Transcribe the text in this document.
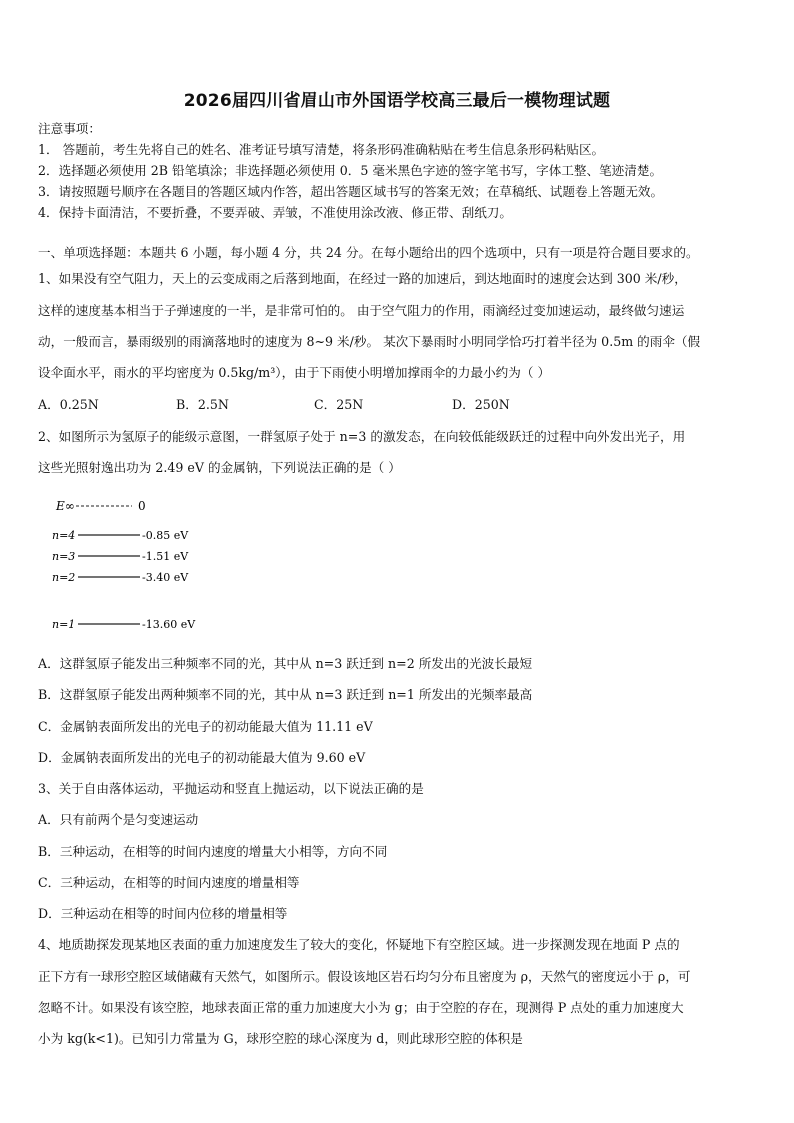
2026届四川省眉山市外国语学校高三最后一模物理试题
注意事项：
1． 答题前，考生先将自己的姓名、准考证号填写清楚，将条形码准确粘贴在考生信息条形码粘贴区。
2．选择题必须使用 2B 铅笔填涂；非选择题必须使用 0．5 毫米黑色字迹的签字笔书写，字体工整、笔迹清楚。
3．请按照题号顺序在各题目的答题区域内作答，超出答题区域书写的答案无效；在草稿纸、试题卷上答题无效。
4．保持卡面清洁，不要折叠，不要弄破、弄皱，不准使用涂改液、修正带、刮纸刀。
一、单项选择题：本题共 6 小题，每小题 4 分，共 24 分。在每小题给出的四个选项中，只有一项是符合题目要求的。
1、如果没有空气阻力，天上的云变成雨之后落到地面，在经过一路的加速后，到达地面时的速度会达到 300 米/秒，
这样的速度基本相当于子弹速度的一半，是非常可怕的。 由于空气阻力的作用，雨滴经过变加速运动，最终做匀速运
动，一般而言，暴雨级别的雨滴落地时的速度为 8~9 米/秒。 某次下暴雨时小明同学恰巧打着半径为 0.5m 的雨伞（假
设伞面水平，雨水的平均密度为 0.5kg/m³），由于下雨使小明增加撑雨伞的力最小约为（ ）
A．0.25N	B．2.5N	C．25N	D．250N
2、如图所示为氢原子的能级示意图，一群氢原子处于 n=3 的激发态，在向较低能级跃迁的过程中向外发出光子，用
这些光照射逸出功为 2.49 eV 的金属钠，下列说法正确的是（ ）
E∞	0
n=4	-0.85 eV
n=3	-1.51 eV
n=2	-3.40 eV
n=1	-13.60 eV
A．这群氢原子能发出三种频率不同的光，其中从 n=3 跃迁到 n=2 所发出的光波长最短
B．这群氢原子能发出两种频率不同的光，其中从 n=3 跃迁到 n=1 所发出的光频率最高
C．金属钠表面所发出的光电子的初动能最大值为 11.11 eV
D．金属钠表面所发出的光电子的初动能最大值为 9.60 eV
3、关于自由落体运动，平抛运动和竖直上抛运动，以下说法正确的是
A．只有前两个是匀变速运动
B．三种运动，在相等的时间内速度的增量大小相等，方向不同
C．三种运动，在相等的时间内速度的增量相等
D．三种运动在相等的时间内位移的增量相等
4、地质勘探发现某地区表面的重力加速度发生了较大的变化，怀疑地下有空腔区域。进一步探测发现在地面 P 点的
正下方有一球形空腔区域储藏有天然气，如图所示。假设该地区岩石均匀分布且密度为 ρ，天然气的密度远小于 ρ，可
忽略不计。如果没有该空腔，地球表面正常的重力加速度大小为 g；由于空腔的存在，现测得 P 点处的重力加速度大
小为 kg(k<1)。已知引力常量为 G，球形空腔的球心深度为 d，则此球形空腔的体积是
